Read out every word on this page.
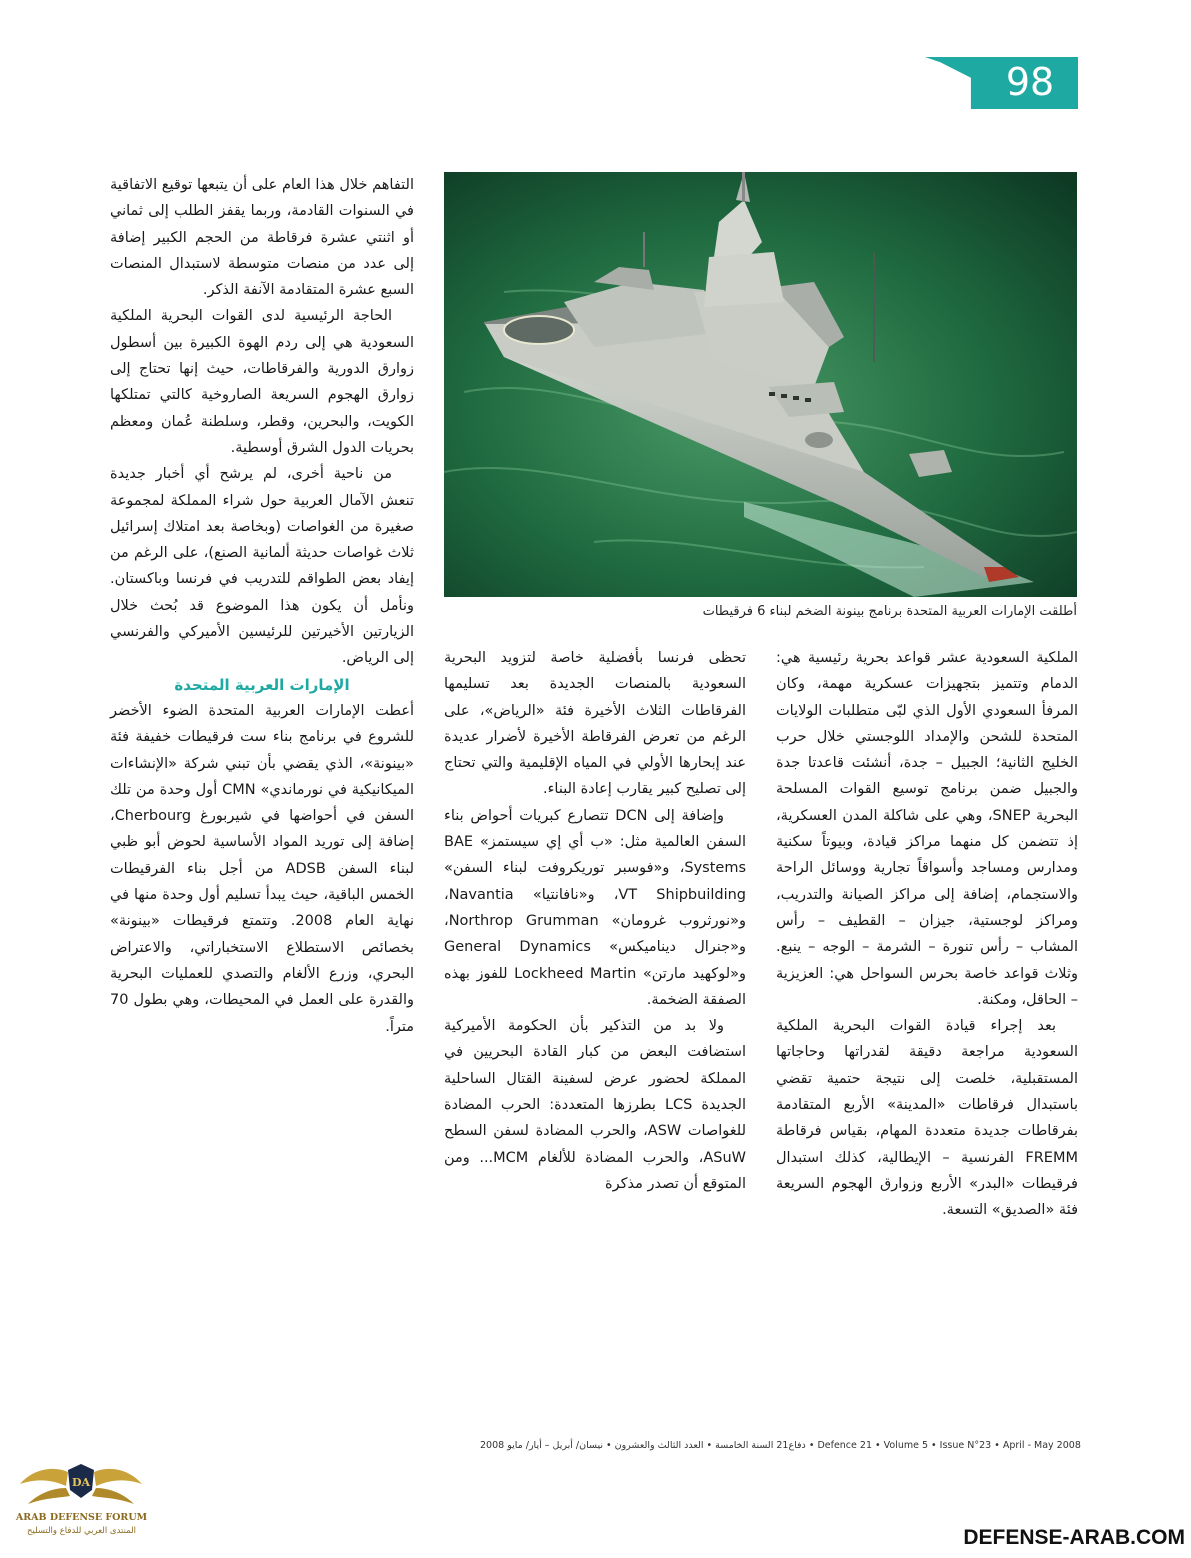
98
أطلقت الإمارات العربية المتحدة برنامج بينونة الضخم لبناء 6 فرقيطات

الملكية السعودية عشر قواعد بحرية رئيسية هي: الدمام وتتميز بتجهيزات عسكرية مهمة، وكان المرفأ السعودي الأول الذي لبّى متطلبات الولايات المتحدة للشحن والإمداد اللوجستي خلال حرب الخليج الثانية؛ الجبيل – جدة، أنشئت قاعدتا جدة والجبيل ضمن برنامج توسيع القوات المسلحة البحرية SNEP، وهي على شاكلة المدن العسكرية، إذ تتضمن كل منهما مراكز قيادة، وبيوتاً سكنية ومدارس ومساجد وأسواقاً تجارية ووسائل الراحة والاستجمام، إضافة إلى مراكز الصيانة والتدريب، ومراكز لوجستية، جيزان – القطيف – رأس المشاب – رأس تنورة – الشرمة – الوجه – ينبع. وثلاث قواعد خاصة بحرس السواحل هي: العزيزية – الحاقل، ومكنة.

بعد إجراء قيادة القوات البحرية الملكية السعودية مراجعة دقيقة لقدراتها وحاجاتها المستقبلية، خلصت إلى نتيجة حتمية تقضي باستبدال فرقاطات «المدينة» الأربع المتقادمة بفرقاطات جديدة متعددة المهام، بقياس فرقاطة FREMM الفرنسية – الإيطالية، كذلك استبدال فرقيطات «البدر» الأربع وزوارق الهجوم السريعة فئة «الصديق» التسعة.

تحظى فرنسا بأفضلية خاصة لتزويد البحرية السعودية بالمنصات الجديدة بعد تسليمها الفرقاطات الثلاث الأخيرة فئة «الرياض»، على الرغم من تعرض الفرقاطة الأخيرة لأضرار عديدة عند إبحارها الأولي في المياه الإقليمية والتي تحتاج إلى تصليح كبير يقارب إعادة البناء.

وإضافة إلى DCN تتصارع كبريات أحواض بناء السفن العالمية مثل: «ب أي إي سيستمز» BAE Systems، و«فوسبر توريكروفت لبناء السفن» VT Shipbuilding، و«نافانتيا» Navantia، و«نورثروب غرومان» Northrop Grumman، و«جنرال ديناميكس» General Dynamics و«لوكهيد مارتن» Lockheed Martin للفوز بهذه الصفقة الضخمة.

ولا بد من التذكير بأن الحكومة الأميركية استضافت البعض من كبار القادة البحريين في المملكة لحضور عرض لسفينة القتال الساحلية الجديدة LCS بطرزها المتعددة: الحرب المضادة للغواصات ASW، والحرب المضادة لسفن السطح ASuW، والحرب المضادة للألغام MCM... ومن المتوقع أن تصدر مذكرة

التفاهم خلال هذا العام على أن يتبعها توقيع الاتفاقية في السنوات القادمة، وربما يقفز الطلب إلى ثماني أو اثنتي عشرة فرقاطة من الحجم الكبير إضافة إلى عدد من منصات متوسطة لاستبدال المنصات السبع عشرة المتقادمة الآنفة الذكر.

الحاجة الرئيسية لدى القوات البحرية الملكية السعودية هي إلى ردم الهوة الكبيرة بين أسطول زوارق الدورية والفرقاطات، حيث إنها تحتاج إلى زوارق الهجوم السريعة الصاروخية كالتي تمتلكها الكويت، والبحرين، وقطر، وسلطنة عُمان ومعظم بحريات الدول الشرق أوسطية.

من ناحية أخرى، لم يرشح أي أخبار جديدة تنعش الآمال العربية حول شراء المملكة لمجموعة صغيرة من الغواصات (وبخاصة بعد امتلاك إسرائيل ثلاث غواصات حديثة ألمانية الصنع)، على الرغم من إيفاد بعض الطواقم للتدريب في فرنسا وباكستان. ونأمل أن يكون هذا الموضوع قد بُحث خلال الزيارتين الأخيرتين للرئيسين الأميركي والفرنسي إلى الرياض.

الإمارات العربية المتحدة

أعطت الإمارات العربية المتحدة الضوء الأخضر للشروع في برنامج بناء ست فرقيطات خفيفة فئة «بينونة»، الذي يقضي بأن تبني شركة «الإنشاءات الميكانيكية في نورماندي» CMN أول وحدة من تلك السفن في أحواضها في شيربورغ Cherbourg، إضافة إلى توريد المواد الأساسية لحوض أبو ظبي لبناء السفن ADSB من أجل بناء الفرقيطات الخمس الباقية، حيث يبدأ تسليم أول وحدة منها في نهاية العام 2008. وتتمتع فرقيطات «بينونة» بخصائص الاستطلاع الاستخباراتي، والاعتراض البحري، وزرع الألغام والتصدي للعمليات البحرية والقدرة على العمل في المحيطات، وهي بطول 70 متراً.

دفاع21 السنة الخامسة • العدد الثالث والعشرون • نيسان/ أبريل – أيار/ مايو 2008 • Defence 21 • Volume 5 • Issue N°23 • April - May 2008
DA
ARAB DEFENSE FORUM
المنتدى العربي للدفاع والتسليح	DEFENSE-ARAB.COM
